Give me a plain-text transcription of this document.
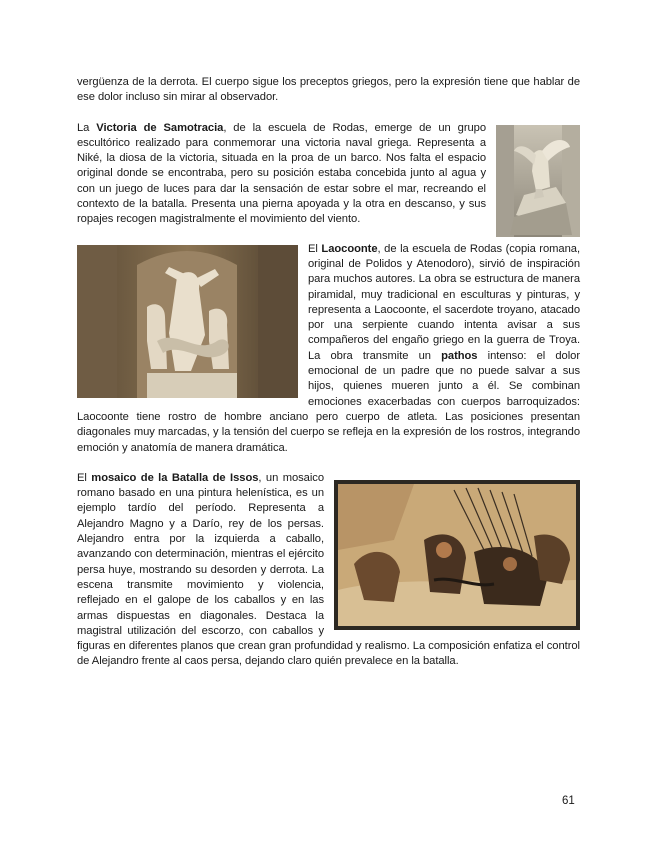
vergüenza de la derrota. El cuerpo sigue los preceptos griegos, pero la expresión tiene que hablar de ese dolor incluso sin mirar al observador.

La Victoria de Samotracia, de la escuela de Rodas, emerge de un grupo escultórico realizado para conmemorar una victoria naval griega. Representa a Niké, la diosa de la victoria, situada en la proa de un barco. Nos falta el espacio original donde se encontraba, pero su posición estaba concebida junto al agua y con un juego de luces para dar la sensación de estar sobre el mar, recreando el contexto de la batalla. Presenta una pierna apoyada y la otra en descanso, y sus ropajes recogen magistralmente el movimiento del viento.

El Laocoonte, de la escuela de Rodas (copia romana, original de Polidos y Atenodoro), sirvió de inspiración para muchos autores. La obra se estructura de manera piramidal, muy tradicional en esculturas y pinturas, y representa a Laocoonte, el sacerdote troyano, atacado por una serpiente cuando intenta avisar a sus compañeros del engaño griego en la guerra de Troya. La obra transmite un pathos intenso: el dolor emocional de un padre que no puede salvar a sus hijos, quienes mueren junto a él. Se combinan emociones exacerbadas con cuerpos barroquizados: Laocoonte tiene rostro de hombre anciano pero cuerpo de atleta. Las posiciones presentan diagonales muy marcadas, y la tensión del cuerpo se refleja en la expresión de los rostros, integrando emoción y anatomía de manera dramática.

El mosaico de la Batalla de Issos, un mosaico romano basado en una pintura helenística, es un ejemplo tardío del período. Representa a Alejandro Magno y a Darío, rey de los persas. Alejandro entra por la izquierda a caballo, avanzando con determinación, mientras el ejército persa huye, mostrando su desorden y derrota. La escena transmite movimiento y violencia, reflejado en el galope de los caballos y en las armas dispuestas en diagonales. Destaca la magistral utilización del escorzo, con caballos y figuras en diferentes planos que crean gran profundidad y realismo. La composición enfatiza el control de Alejandro frente al caos persa, dejando claro quién prevalece en la batalla.

61
